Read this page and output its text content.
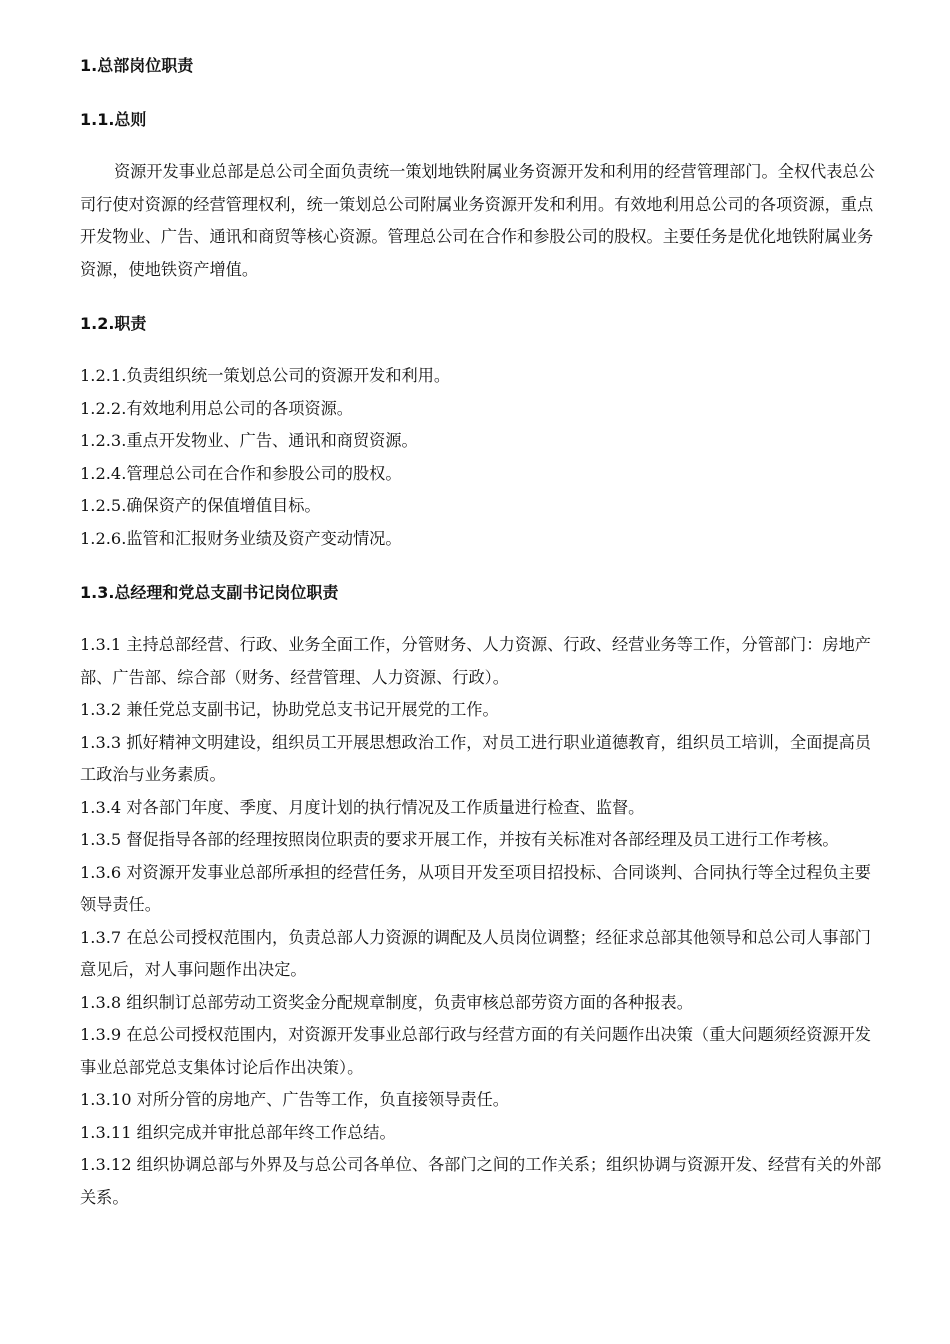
1.总部岗位职责
1.1.总则

资源开发事业总部是总公司全面负责统一策划地铁附属业务资源开发和利用的经营管理部门。全权代表总公司行使对资源的经营管理权利，统一策划总公司附属业务资源开发和利用。有效地利用总公司的各项资源，重点开发物业、广告、通讯和商贸等核心资源。管理总公司在合作和参股公司的股权。主要任务是优化地铁附属业务资源，使地铁资产增值。

1.2.职责
1.2.1.负责组织统一策划总公司的资源开发和利用。
1.2.2.有效地利用总公司的各项资源。
1.2.3.重点开发物业、广告、通讯和商贸资源。
1.2.4.管理总公司在合作和参股公司的股权。
1.2.5.确保资产的保值增值目标。
1.2.6.监管和汇报财务业绩及资产变动情况。
1.3.总经理和党总支副书记岗位职责
1.3.1 主持总部经营、行政、业务全面工作，分管财务、人力资源、行政、经营业务等工作，分管部门：房地产部、广告部、综合部（财务、经营管理、人力资源、行政）。
1.3.2 兼任党总支副书记，协助党总支书记开展党的工作。
1.3.3 抓好精神文明建设，组织员工开展思想政治工作，对员工进行职业道德教育，组织员工培训，全面提高员工政治与业务素质。
1.3.4 对各部门年度、季度、月度计划的执行情况及工作质量进行检查、监督。
1.3.5 督促指导各部的经理按照岗位职责的要求开展工作，并按有关标准对各部经理及员工进行工作考核。
1.3.6 对资源开发事业总部所承担的经营任务，从项目开发至项目招投标、合同谈判、合同执行等全过程负主要领导责任。
1.3.7 在总公司授权范围内，负责总部人力资源的调配及人员岗位调整；经征求总部其他领导和总公司人事部门意见后，对人事问题作出决定。
1.3.8 组织制订总部劳动工资奖金分配规章制度，负责审核总部劳资方面的各种报表。
1.3.9 在总公司授权范围内，对资源开发事业总部行政与经营方面的有关问题作出决策（重大问题须经资源开发事业总部党总支集体讨论后作出决策）。
1.3.10 对所分管的房地产、广告等工作，负直接领导责任。
1.3.11 组织完成并审批总部年终工作总结。
1.3.12 组织协调总部与外界及与总公司各单位、各部门之间的工作关系；组织协调与资源开发、经营有关的外部关系。
